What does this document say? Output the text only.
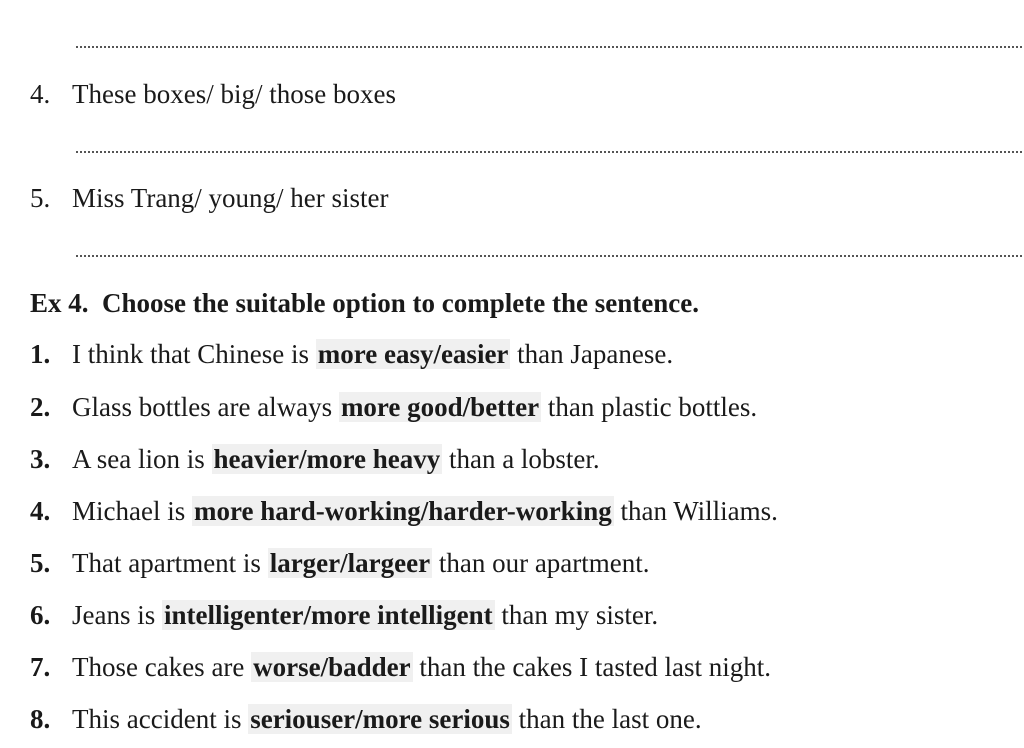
4. These boxes/ big/ those boxes
5. Miss Trang/ young/ her sister
Ex 4. Choose the suitable option to complete the sentence.
1. I think that Chinese is more easy/easier than Japanese.
2. Glass bottles are always more good/better than plastic bottles.
3. A sea lion is heavier/more heavy than a lobster.
4. Michael is more hard-working/harder-working than Williams.
5. That apartment is larger/largeer than our apartment.
6. Jeans is intelligenter/more intelligent than my sister.
7. Those cakes are worse/badder than the cakes I tasted last night.
8. This accident is seriouser/more serious than the last one.
